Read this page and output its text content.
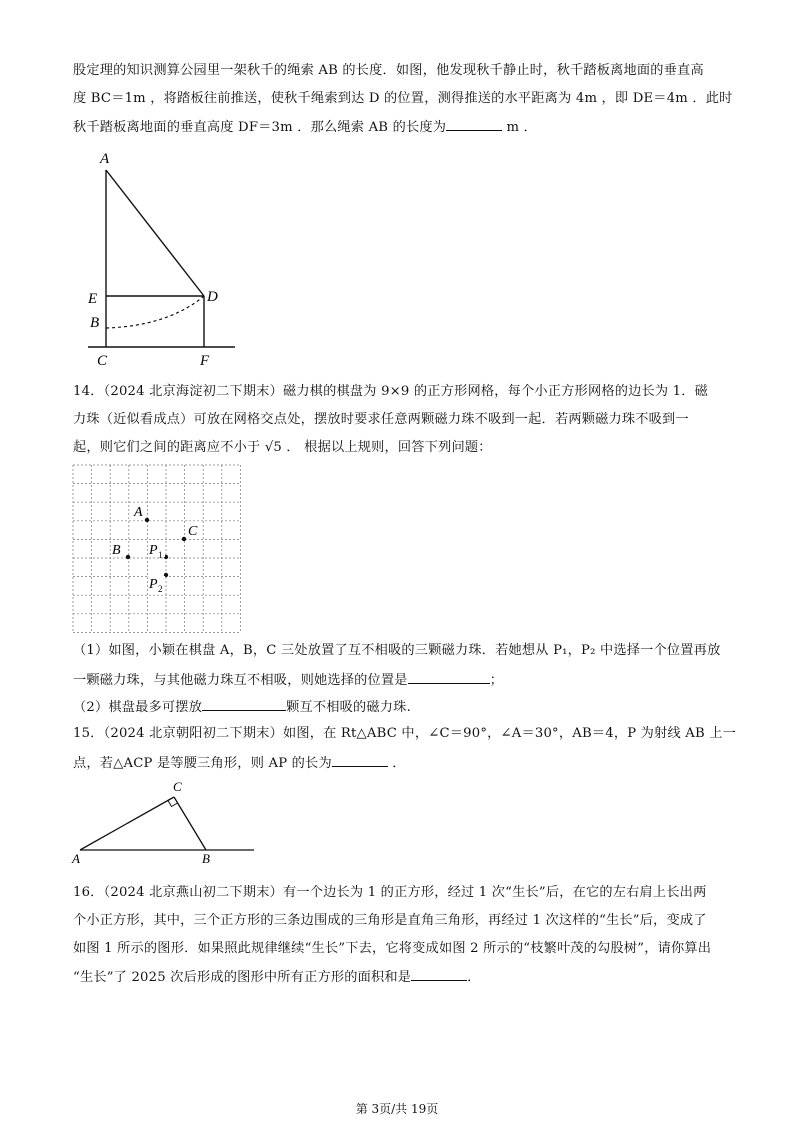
股定理的知识测算公园里一架秋千的绳索 AB 的长度．如图，他发现秋千静止时，秋千踏板离地面的垂直高
度 BC＝1m ，将踏板往前推送，使秋千绳索到达 D 的位置，测得推送的水平距离为 4m ，即 DE＝4m ．此时
秋千踏板离地面的垂直高度 DF＝3m ．那么绳索 AB 的长度为	m ．
A
E
B
C
D
F
14．（2024 北京海淀初二下期末）磁力棋的棋盘为 9×9 的正方形网格，每个小正方形网格的边长为 1．磁
力珠（近似看成点）可放在网格交点处，摆放时要求任意两颗磁力珠不吸到一起．若两颗磁力珠不吸到一
起，则它们之间的距离应不小于 √5 ． 根据以上规则，回答下列问题：
A
B
C
P 1
P 2
（1）如图，小颖在棋盘 A，B，C 三处放置了互不相吸的三颗磁力珠．若她想从 P₁，P₂ 中选择一个位置再放
一颗磁力珠，与其他磁力珠互不相吸，则她选择的位置是	；
（2）棋盘最多可摆放	颗互不相吸的磁力珠.
15．（2024 北京朝阳初二下期末）如图，在 Rt△ABC 中，∠C＝90°，∠A＝30°，AB＝4，P 为射线 AB 上一
点，若△ACP 是等腰三角形，则 AP 的长为	．
A	B
C
16．（2024 北京燕山初二下期末）有一个边长为 1 的正方形，经过 1 次“生长”后，在它的左右肩上长出两
个小正方形，其中，三个正方形的三条边围成的三角形是直角三角形，再经过 1 次这样的“生长”后，变成了
如图 1 所示的图形．如果照此规律继续“生长”下去，它将变成如图 2 所示的“枝繁叶茂的勾股树”，请你算出
“生长”了 2025 次后形成的图形中所有正方形的面积和是	．
第 3页/共 19页
